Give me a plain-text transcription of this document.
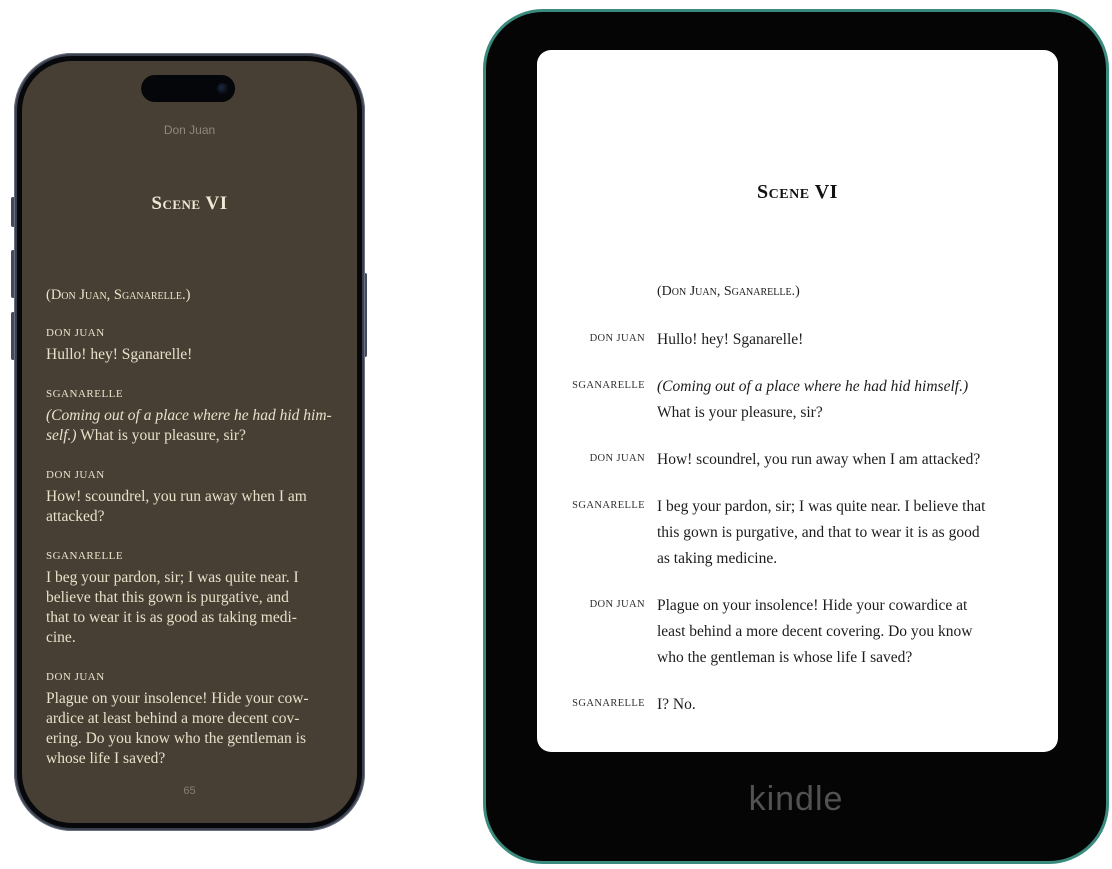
Don Juan
Scene VI
(Don Juan, Sganarelle.)
DON JUAN
Hullo! hey! Sganarelle!
SGANARELLE
(Coming out of a place where he had hid him-
self.) What is your pleasure, sir?
DON JUAN
How! scoundrel, you run away when I am
attacked?
SGANARELLE
I beg your pardon, sir; I was quite near. I
believe that this gown is purgative, and
that to wear it is as good as taking medi-
cine.
DON JUAN
Plague on your insolence! Hide your cow-
ardice at least behind a more decent cov-
ering. Do you know who the gentleman is
whose life I saved?
65
Scene VI
(Don Juan, Sganarelle.)
DON JUAN Hullo! hey! Sganarelle!
SGANARELLE (Coming out of a place where he had hid himself.)
What is your pleasure, sir?
DON JUAN How! scoundrel, you run away when I am attacked?
SGANARELLE I beg your pardon, sir; I was quite near. I believe that
this gown is purgative, and that to wear it is as good
as taking medicine.
DON JUAN Plague on your insolence! Hide your cowardice at
least behind a more decent covering. Do you know
who the gentleman is whose life I saved?
SGANARELLE I? No.
kindle
